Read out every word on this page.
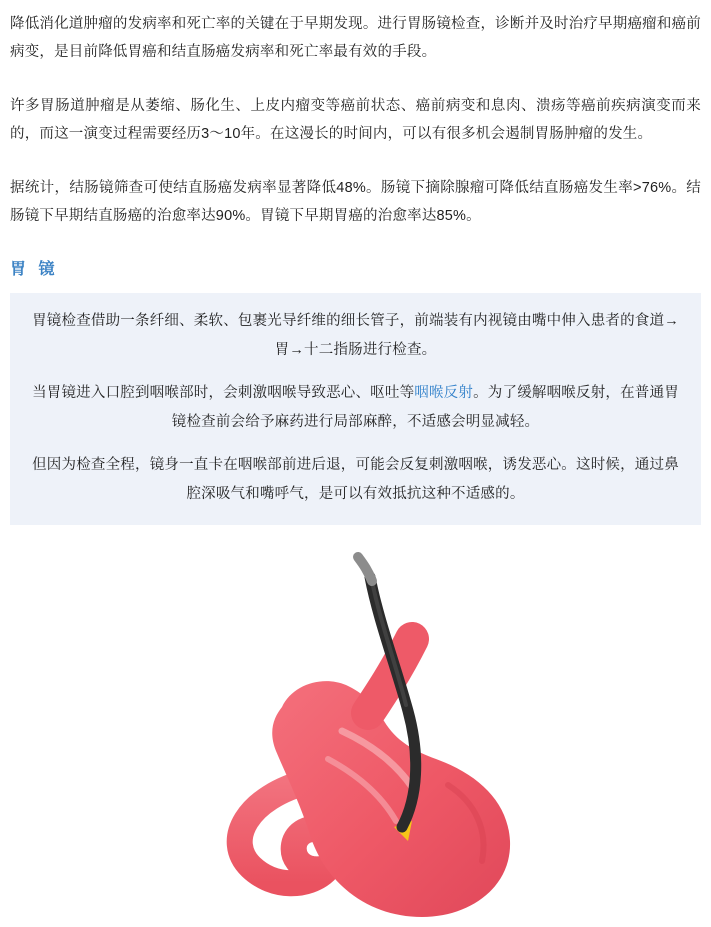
降低消化道肿瘤的发病率和死亡率的关键在于早期发现。进行胃肠镜检查，诊断并及时治疗早期癌瘤和癌前病变，是目前降低胃癌和结直肠癌发病率和死亡率最有效的手段。

许多胃肠道肿瘤是从萎缩、肠化生、上皮内瘤变等癌前状态、癌前病变和息肉、溃疡等癌前疾病演变而来的，而这一演变过程需要经历3～10年。在这漫长的时间内，可以有很多机会遏制胃肠肿瘤的发生。

据统计，结肠镜筛查可使结直肠癌发病率显著降低48%。肠镜下摘除腺瘤可降低结直肠癌发生率>76%。结肠镜下早期结直肠癌的治愈率达90%。胃镜下早期胃癌的治愈率达85%。

胃 镜

胃镜检查借助一条纤细、柔软、包裹光导纤维的细长管子，前端装有内视镜由嘴中伸入患者的食道→胃→十二指肠进行检查。

当胃镜进入口腔到咽喉部时，会刺激咽喉导致恶心、呕吐等咽喉反射。为了缓解咽喉反射，在普通胃镜检查前会给予麻药进行局部麻醉，不适感会明显减轻。

但因为检查全程，镜身一直卡在咽喉部前进后退，可能会反复刺激咽喉，诱发恶心。这时候，通过鼻腔深吸气和嘴呼气，是可以有效抵抗这种不适感的。
